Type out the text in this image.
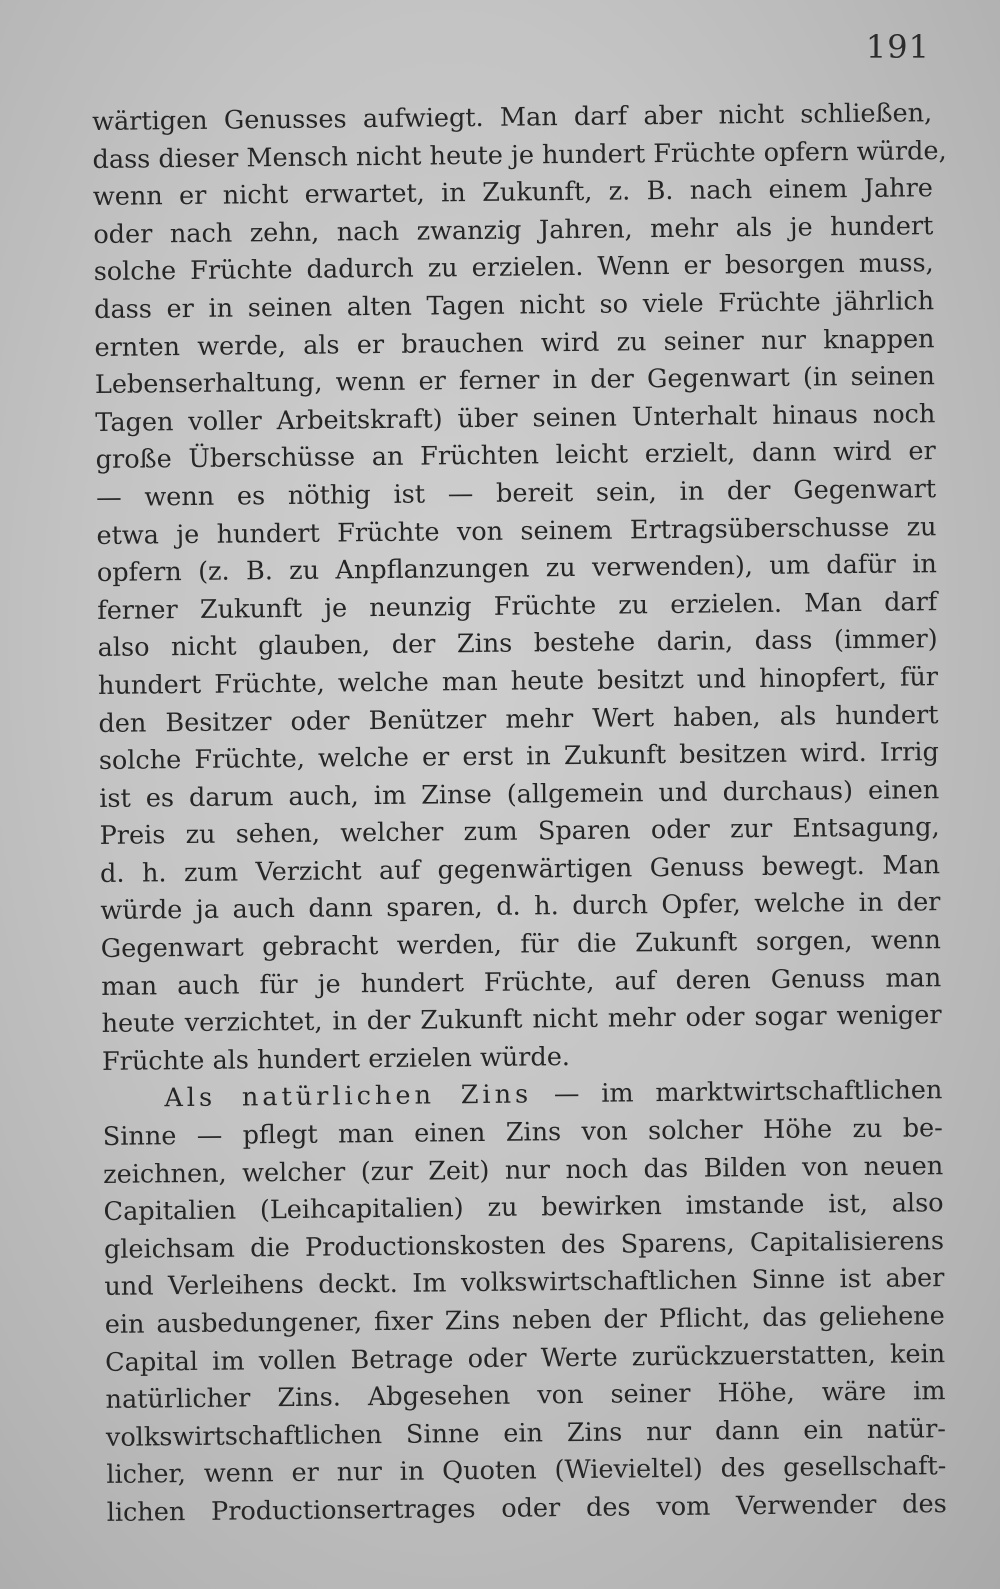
191
wärtigen Genusses aufwiegt. Man darf aber nicht schließen,
dass dieser Mensch nicht heute je hundert Früchte opfern würde,
wenn er nicht erwartet, in Zukunft, z. B. nach einem Jahre
oder nach zehn, nach zwanzig Jahren, mehr als je hundert
solche Früchte dadurch zu erzielen. Wenn er besorgen muss,
dass er in seinen alten Tagen nicht so viele Früchte jährlich
ernten werde, als er brauchen wird zu seiner nur knappen
Lebenserhaltung, wenn er ferner in der Gegenwart (in seinen
Tagen voller Arbeitskraft) über seinen Unterhalt hinaus noch
große Überschüsse an Früchten leicht erzielt, dann wird er
— wenn es nöthig ist — bereit sein, in der Gegenwart
etwa je hundert Früchte von seinem Ertragsüberschusse zu
opfern (z. B. zu Anpflanzungen zu verwenden), um dafür in
ferner Zukunft je neunzig Früchte zu erzielen. Man darf
also nicht glauben, der Zins bestehe darin, dass (immer)
hundert Früchte, welche man heute besitzt und hinopfert, für
den Besitzer oder Benützer mehr Wert haben, als hundert
solche Früchte, welche er erst in Zukunft besitzen wird. Irrig
ist es darum auch, im Zinse (allgemein und durchaus) einen
Preis zu sehen, welcher zum Sparen oder zur Entsagung,
d. h. zum Verzicht auf gegenwärtigen Genuss bewegt. Man
würde ja auch dann sparen, d. h. durch Opfer, welche in der
Gegenwart gebracht werden, für die Zukunft sorgen, wenn
man auch für je hundert Früchte, auf deren Genuss man
heute verzichtet, in der Zukunft nicht mehr oder sogar weniger
Früchte als hundert erzielen würde.
Als natürlichen Zins — im marktwirtschaftlichen
Sinne — pflegt man einen Zins von solcher Höhe zu be-
zeichnen, welcher (zur Zeit) nur noch das Bilden von neuen
Capitalien (Leihcapitalien) zu bewirken imstande ist, also
gleichsam die Productionskosten des Sparens, Capitalisierens
und Verleihens deckt. Im volkswirtschaftlichen Sinne ist aber
ein ausbedungener, fixer Zins neben der Pflicht, das geliehene
Capital im vollen Betrage oder Werte zurückzuerstatten, kein
natürlicher Zins. Abgesehen von seiner Höhe, wäre im
volkswirtschaftlichen Sinne ein Zins nur dann ein natür-
licher, wenn er nur in Quoten (Wievieltel) des gesellschaft-
lichen Productionsertrages oder des vom Verwender des
